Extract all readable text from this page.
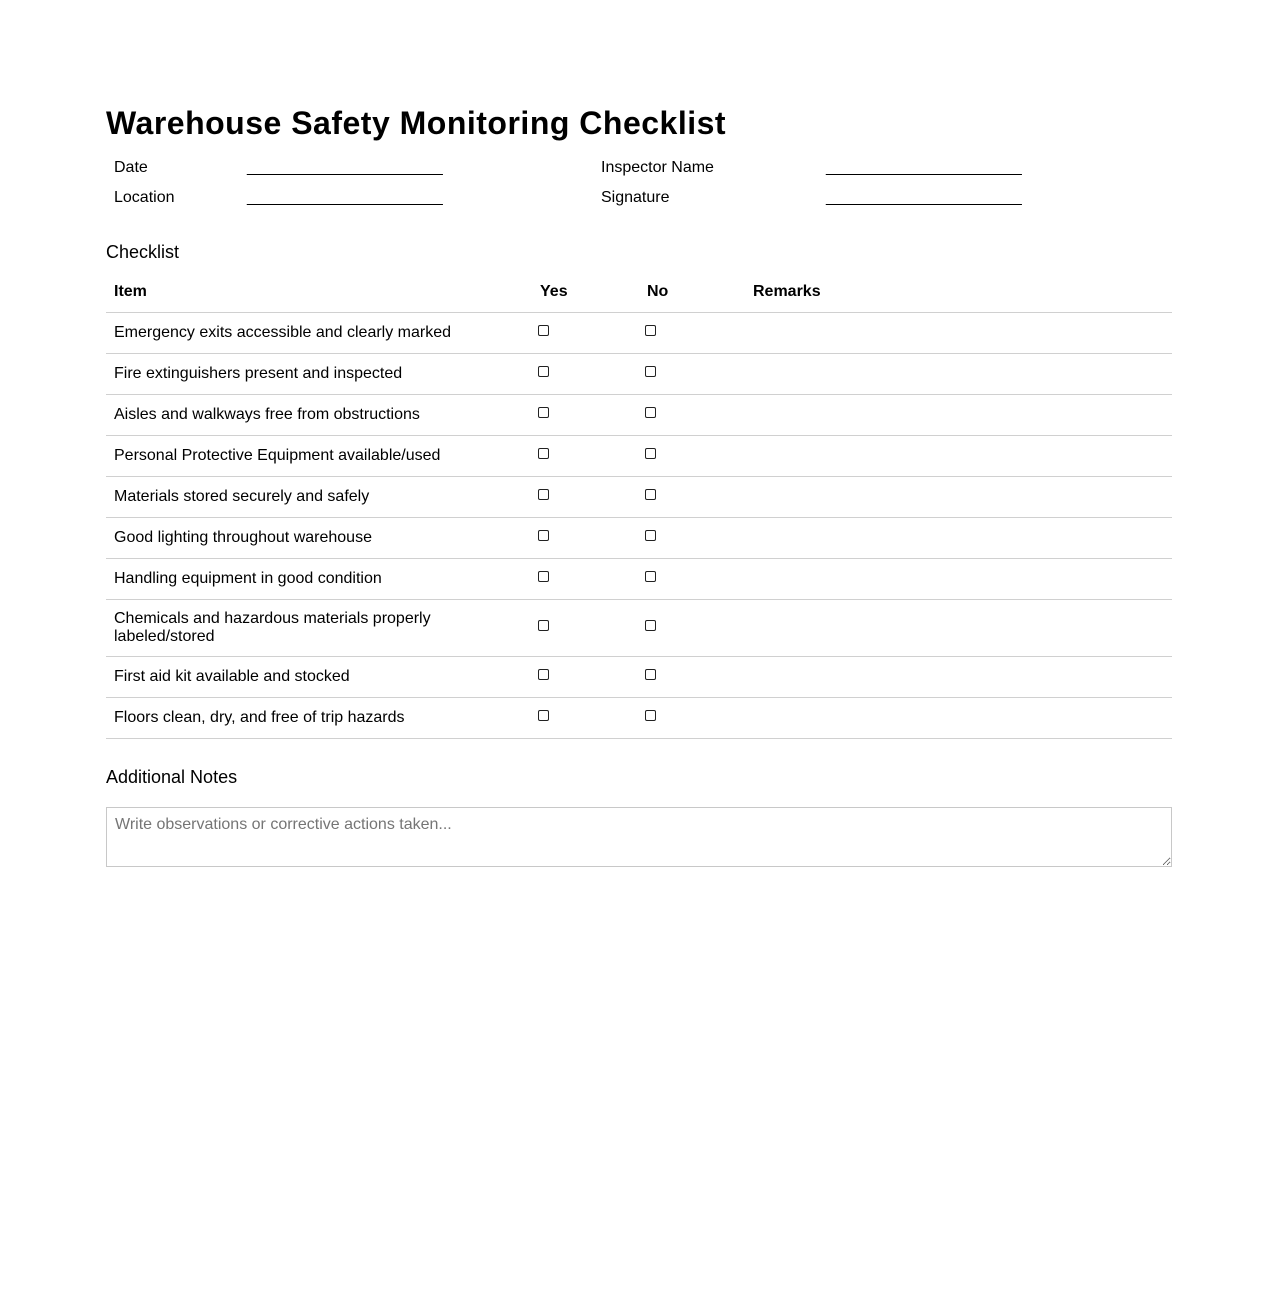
Warehouse Safety Monitoring Checklist
Date	______________________	Inspector Name	______________________
Location	______________________	Signature	______________________
Checklist
Item	Yes	No	Remarks
Emergency exits accessible and clearly marked			
Fire extinguishers present and inspected			
Aisles and walkways free from obstructions			
Personal Protective Equipment available/used			
Materials stored securely and safely			
Good lighting throughout warehouse			
Handling equipment in good condition			
Chemicals and hazardous materials properly labeled/stored			
First aid kit available and stocked			
Floors clean, dry, and free of trip hazards			
Additional Notes
Write observations or corrective actions taken...
